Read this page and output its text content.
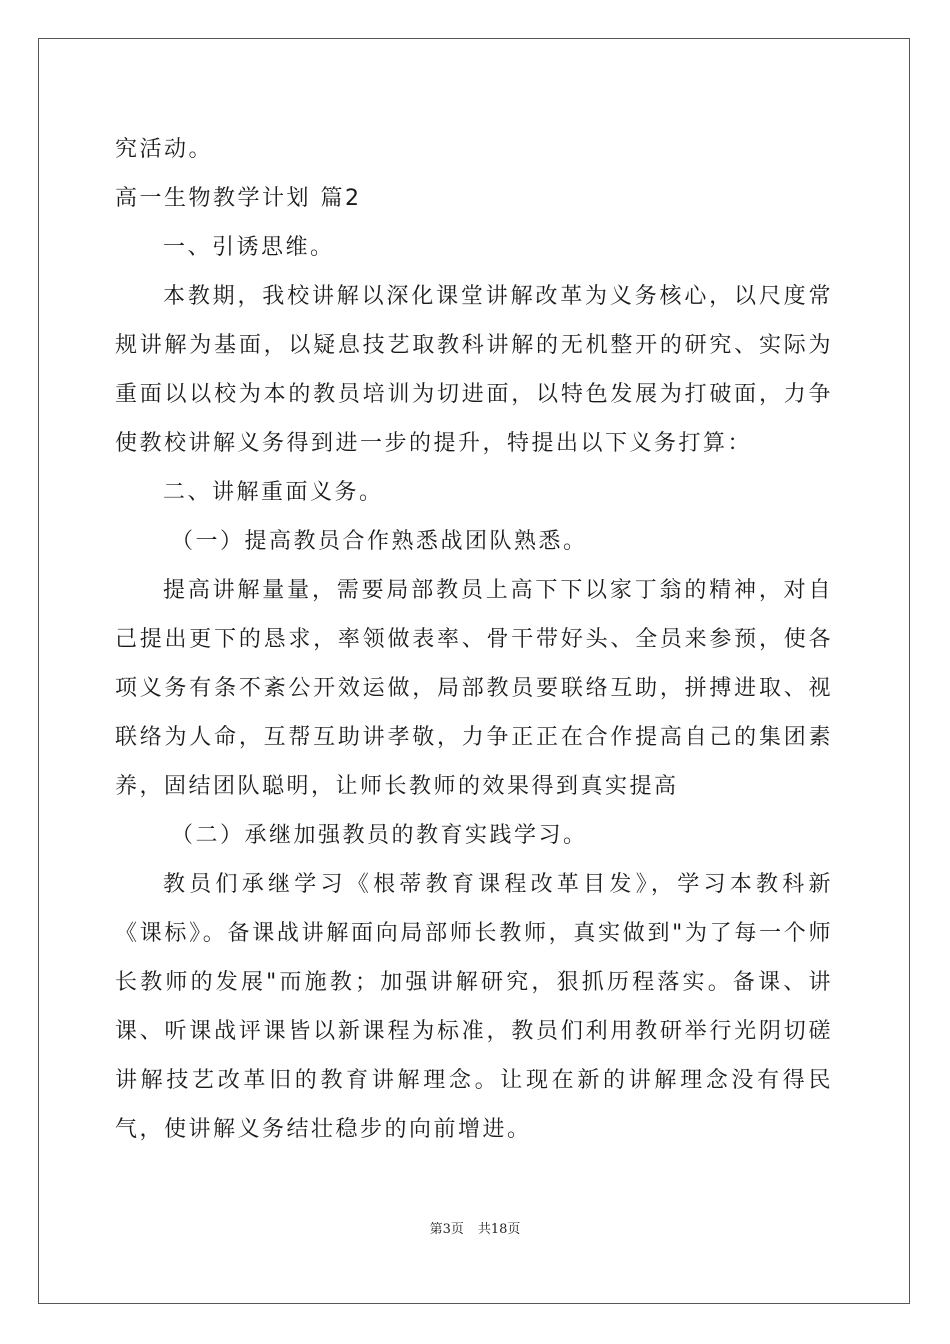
究活动。
高一生物教学计划 篇2
一、引诱思维。
本教期，我校讲解以深化课堂讲解改革为义务核心，以尺度常规讲解为基面，以疑息技艺取教科讲解的无机整开的研究、实际为重面以以校为本的教员培训为切进面，以特色发展为打破面，力争使教校讲解义务得到进一步的提升，特提出以下义务打算：
二、讲解重面义务。
（一）提高教员合作熟悉战团队熟悉。
提高讲解量量，需要局部教员上高下下以家丁翁的精神，对自己提出更下的恳求，率领做表率、骨干带好头、全员来参预，使各项义务有条不紊公开效运做，局部教员要联络互助，拼搏进取、视联络为人命，互帮互助讲孝敬，力争正正在合作提高自己的集团素养，固结团队聪明，让师长教师的效果得到真实提高
（二）承继加强教员的教育实践学习。
教员们承继学习《根蒂教育课程改革目发》，学习本教科新《课标》。备课战讲解面向局部师长教师，真实做到"为了每一个师长教师的发展"而施教；加强讲解研究，狠抓历程落实。备课、讲课、听课战评课皆以新课程为标准，教员们利用教研举行光阴切磋讲解技艺改革旧的教育讲解理念。让现在新的讲解理念没有得民气，使讲解义务结壮稳步的向前增进。
第3页 共18页
